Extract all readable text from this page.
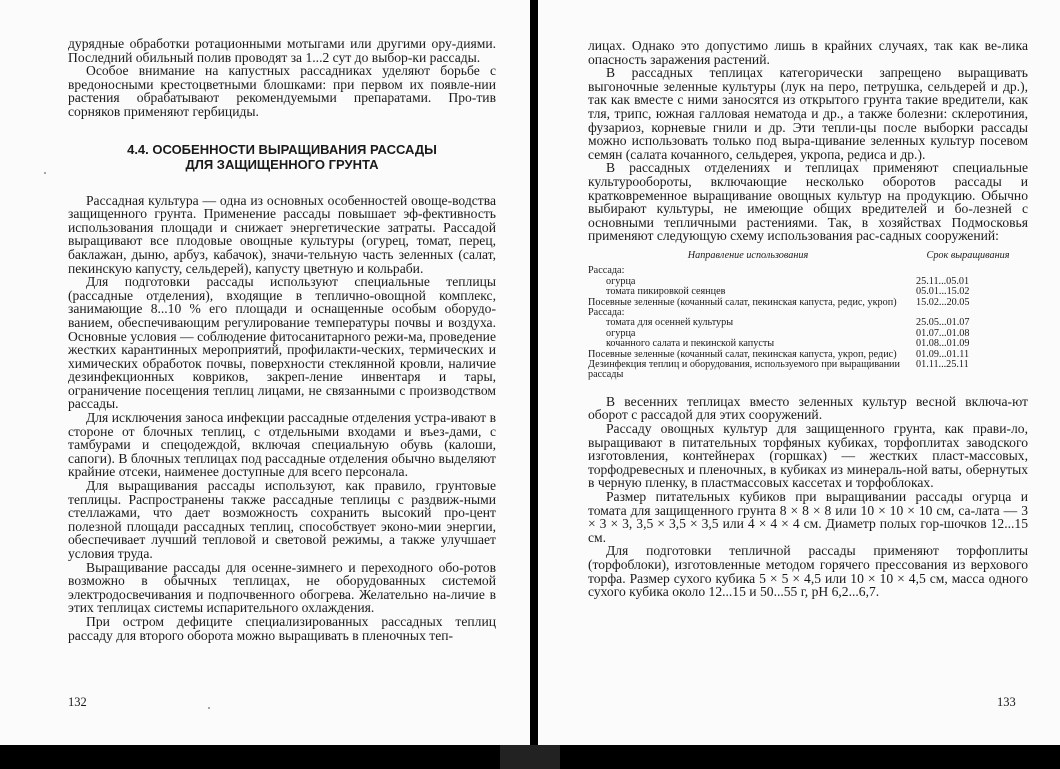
дурядные обработки ротационными мотыгами или другими ору-диями. Последний обильный полив проводят за 1...2 сут до выбор-ки рассады.

Особое внимание на капустных рассадниках уделяют борьбе с вредоносными крестоцветными блошками: при первом их появле-нии растения обрабатывают рекомендуемыми препаратами. Про-тив сорняков применяют гербициды.

4.4. ОСОБЕННОСТИ ВЫРАЩИВАНИЯ РАССАДЫ
ДЛЯ ЗАЩИЩЕННОГО ГРУНТА

Рассадная культура — одна из основных особенностей овоще-водства защищенного грунта. Применение рассады повышает эф-фективность использования площади и снижает энергетические затраты. Рассадой выращивают все плодовые овощные культуры (огурец, томат, перец, баклажан, дыню, арбуз, кабачок), значи-тельную часть зеленных (салат, пекинскую капусту, сельдерей), капусту цветную и кольраби.

Для подготовки рассады используют специальные теплицы (рассадные отделения), входящие в теплично-овощной комплекс, занимающие 8...10 % его площади и оснащенные особым оборудо-ванием, обеспечивающим регулирование температуры почвы и воздуха. Основные условия — соблюдение фитосанитарного режи-ма, проведение жестких карантинных мероприятий, профилакти-ческих, термических и химических обработок почвы, поверхности стеклянной кровли, наличие дезинфекционных ковриков, закреп-ление инвентаря и тары, ограничение посещения теплиц лицами, не связанными с производством рассады.

Для исключения заноса инфекции рассадные отделения устра-ивают в стороне от блочных теплиц, с отдельными входами и въез-дами, с тамбурами и спецодеждой, включая специальную обувь (калоши, сапоги). В блочных теплицах под рассадные отделения обычно выделяют крайние отсеки, наименее доступные для всего персонала.

Для выращивания рассады используют, как правило, грунтовые теплицы. Распространены также рассадные теплицы с раздвиж-ными стеллажами, что дает возможность сохранить высокий про-цент полезной площади рассадных теплиц, способствует эконо-мии энергии, обеспечивает лучший тепловой и световой режимы, а также улучшает условия труда.

Выращивание рассады для осенне-зимнего и переходного обо-ротов возможно в обычных теплицах, не оборудованных системой электродосвечивания и подпочвенного обогрева. Желательно на-личие в этих теплицах системы испарительного охлаждения.

При остром дефиците специализированных рассадных теплиц рассаду для второго оборота можно выращивать в пленочных теп-

132

лицах. Однако это допустимо лишь в крайних случаях, так как ве-лика опасность заражения растений.

В рассадных теплицах категорически запрещено выращивать выгоночные зеленные культуры (лук на перо, петрушка, сельдерей и др.), так как вместе с ними заносятся из открытого грунта такие вредители, как тля, трипс, южная галловая нематода и др., а также болезни: склеротиния, фузариоз, корневые гнили и др. Эти тепли-цы после выборки рассады можно использовать только под выра-щивание зеленных культур посевом семян (салата кочанного, сельдерея, укропа, редиса и др.).

В рассадных отделениях и теплицах применяют специальные культурообороты, включающие несколько оборотов рассады и кратковременное выращивание овощных культур на продукцию. Обычно выбирают культуры, не имеющие общих вредителей и бо-лезней с основными тепличными растениями. Так, в хозяйствах Подмосковья применяют следующую схему использования рас-садных сооружений:

Направление использования	Срок выращивания
Рассада:
огурца	25.11...05.01
томата пикировкой сеянцев	05.01...15.02
Посевные зеленные (кочанный салат, пекинская капуста, редис, укроп)	15.02...20.05
Рассада:
томата для осенней культуры	25.05...01.07
огурца	01.07...01.08
кочанного салата и пекинской капусты	01.08...01.09
Посевные зеленные (кочанный салат, пекинская капуста, укроп, редис)	01.09...01.11
Дезинфекция теплиц и оборудования, используемого при выращивании рассады
01.11...25.11

В весенних теплицах вместо зеленных культур весной включа-ют оборот с рассадой для этих сооружений.

Рассаду овощных культур для защищенного грунта, как прави-ло, выращивают в питательных торфяных кубиках, торфоплитах заводского изготовления, контейнерах (горшках) — жестких пласт-массовых, торфодревесных и пленочных, в кубиках из минераль-ной ваты, обернутых в черную пленку, в пластмассовых кассетах и торфоблоках.

Размер питательных кубиков при выращивании рассады огурца и томата для защищенного грунта 8 × 8 × 8 или 10 × 10 × 10 см, са-лата — 3 × 3 × 3, 3,5 × 3,5 × 3,5 или 4 × 4 × 4 см. Диаметр полых гор-шочков 12...15 см.

Для подготовки тепличной рассады применяют торфоплиты (торфоблоки), изготовленные методом горячего прессования из верхового торфа. Размер сухого кубика 5 × 5 × 4,5 или 10 × 10 × 4,5 см, масса одного сухого кубика около 12...15 и 50...55 г, pH 6,2...6,7.

133
